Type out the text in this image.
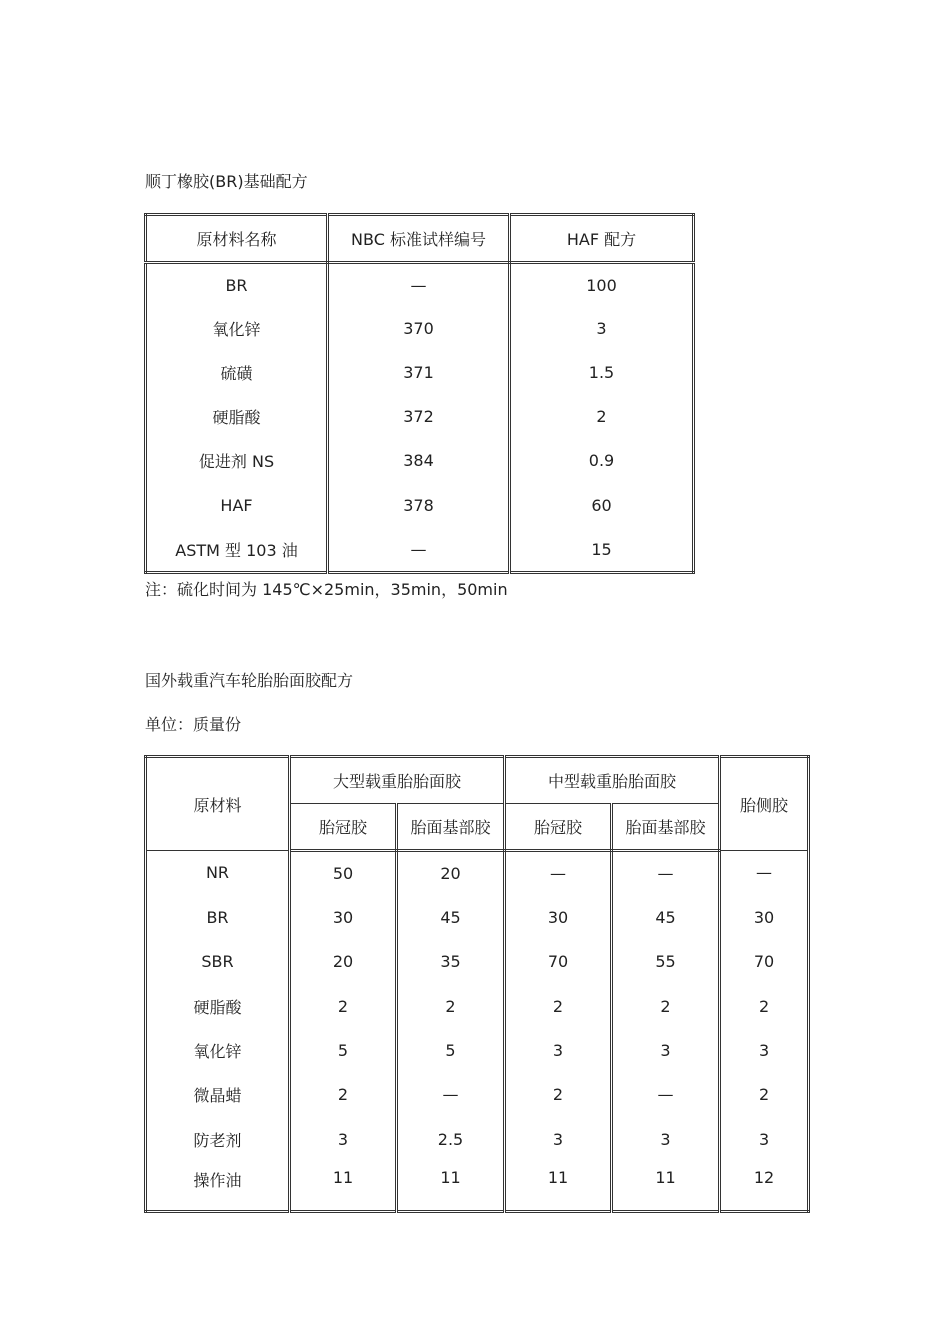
顺丁橡胶(BR)基础配方
原材料名称	NBC 标准试样编号	HAF 配方
BR	—	100
氧化锌	370	3
硫磺	371	1.5
硬脂酸	372	2
促进剂 NS	384	0.9
HAF	378	60
ASTM 型 103 油	—	15
注：硫化时间为 145℃×25min，35min，50min
国外载重汽车轮胎胎面胶配方
单位：质量份
原材料	大型载重胎胎面胶		中型载重胎胎面胶		胎侧胶
	胎冠胶	胎面基部胶	胎冠胶	胎面基部胶	
NR	50	20	—	—	—
BR	30	45	30	45	30
SBR	20	35	70	55	70
硬脂酸	2	2	2	2	2
氧化锌	5	5	3	3	3
微晶蜡	2	—	2	—	2
防老剂	3	2.5	3	3	3
操作油	11	11	11	11	12
